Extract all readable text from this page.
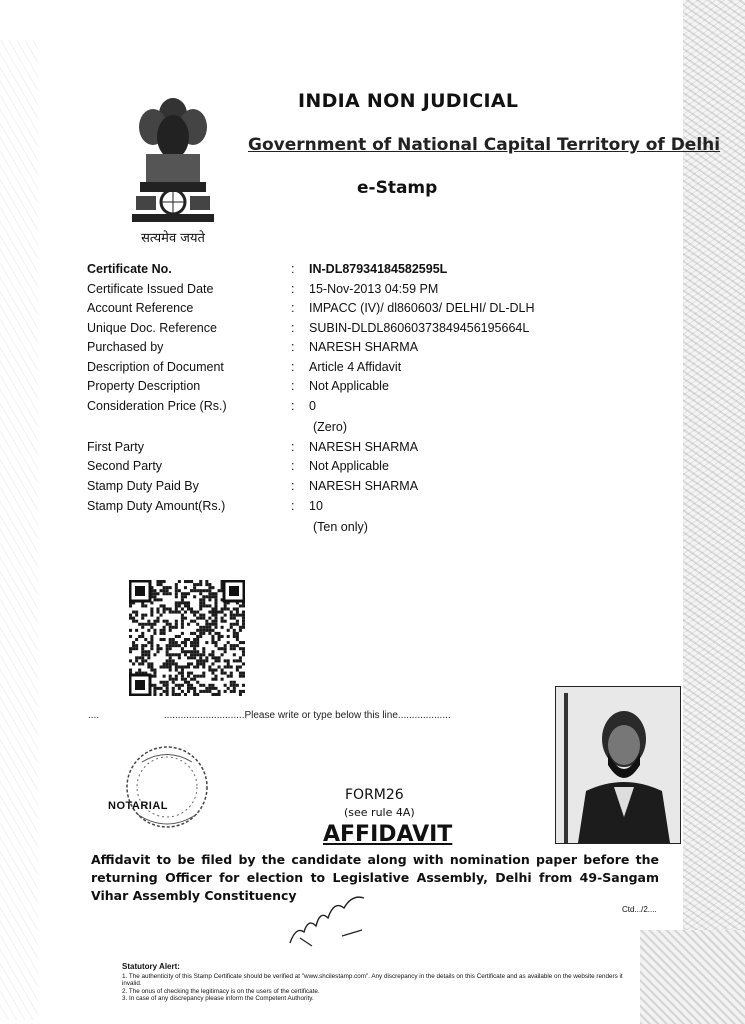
सत्यमेव जयते
INDIA NON JUDICIAL
Government of National Capital Territory of Delhi
e-Stamp
Certificate No.	: IN-DL87934184582595L
Certificate Issued Date	: 15-Nov-2013 04:59 PM
Account Reference	: IMPACC (IV)/ dl860603/ DELHI/ DL-DLH
Unique Doc. Reference	: SUBIN-DLDL86060373849456195664L
Purchased by	: NARESH SHARMA
Description of Document	: Article 4 Affidavit
Property Description	: Not Applicable
Consideration Price (Rs.)	: 0
(Zero)
First Party	: NARESH SHARMA
Second Party	: Not Applicable
Stamp Duty Paid By	: NARESH SHARMA
Stamp Duty Amount(Rs.)	: 10
(Ten only)
....	.............................Please write or type below this line...................
NOTARIAL
FORM26
(see rule 4A)
AFFIDAVIT
Affidavit to be filed by the candidate along with nomination paper before the returning Officer for election to Legislative Assembly, Delhi from 49-Sangam Vihar Assembly Constituency
Ctd.../2....
Statutory Alert:
1. The authenticity of this Stamp Certificate should be verified at "www.shcilestamp.com". Any discrepancy in the details on this Certificate and as available on the website renders it invalid.
2. The onus of checking the legitimacy is on the users of the certificate.
3. In case of any discrepancy please inform the Competent Authority.
